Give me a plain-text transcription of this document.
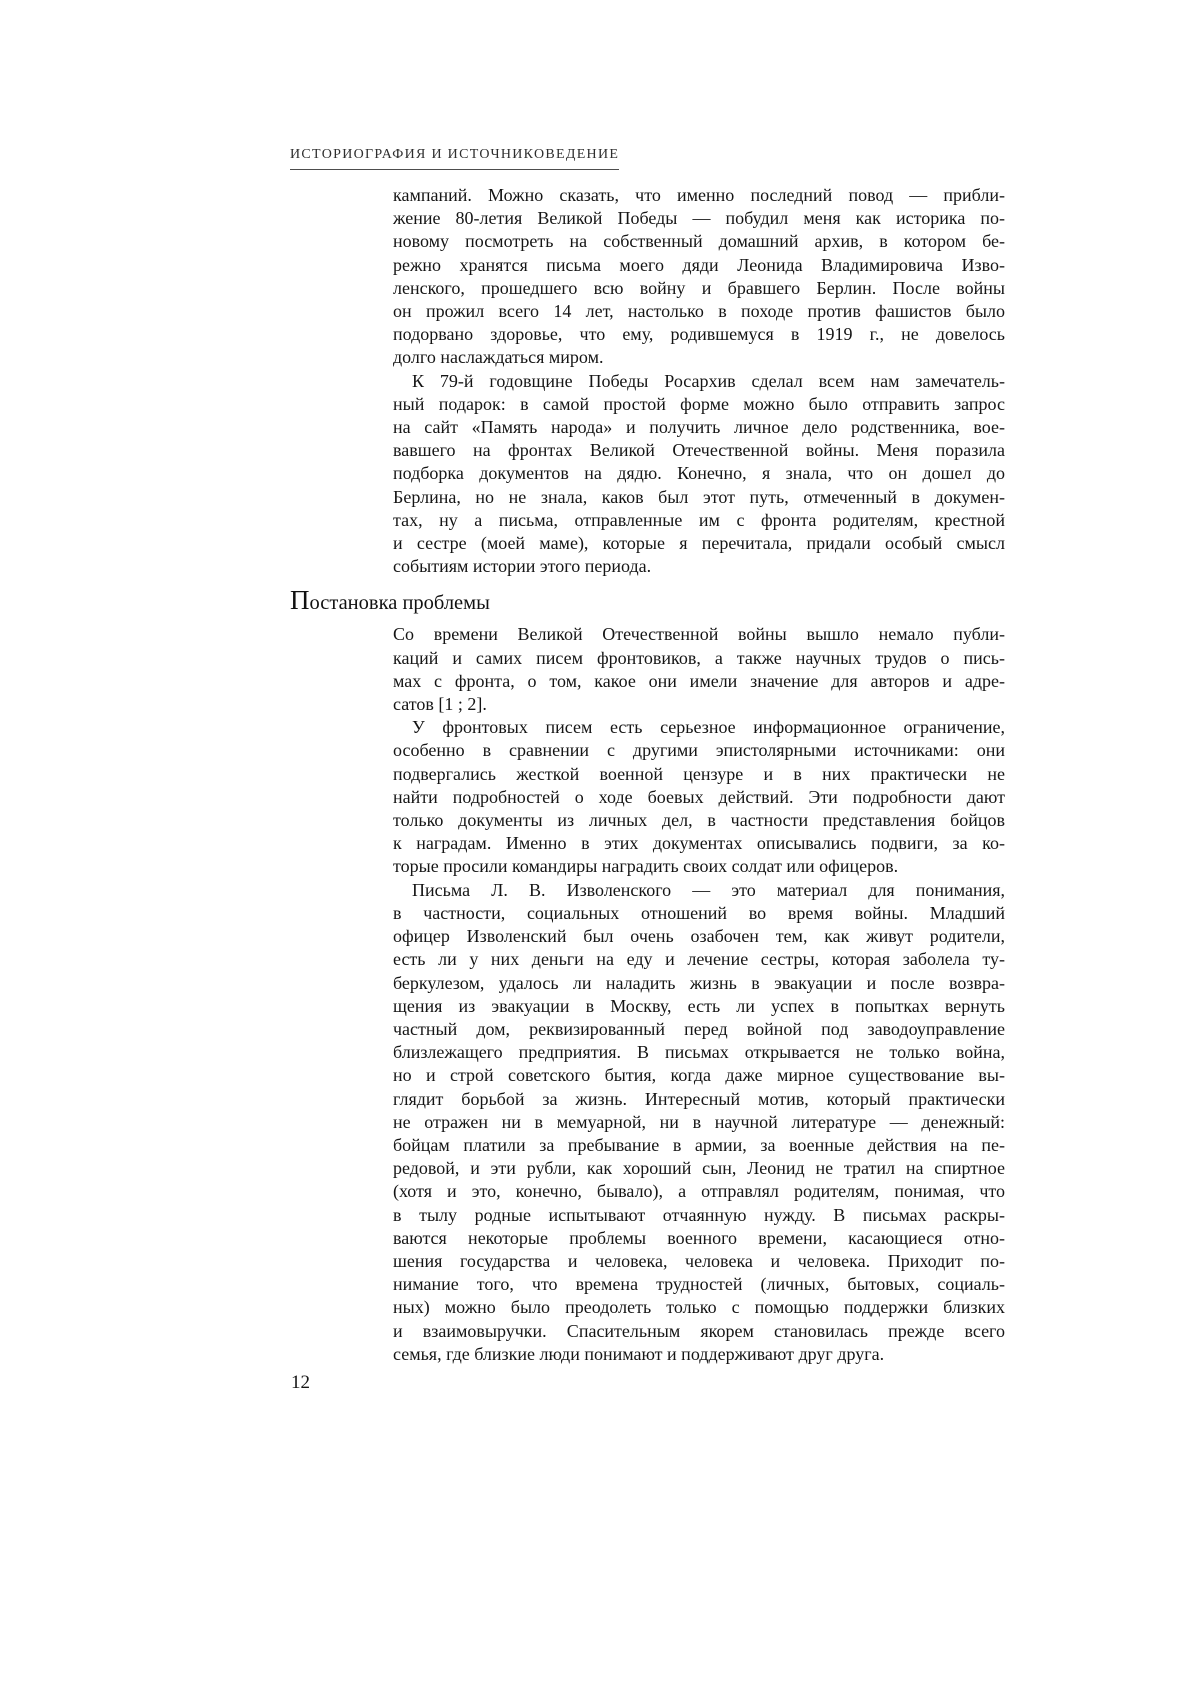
ИСТОРИОГРАФИЯ И ИСТОЧНИКОВЕДЕНИЕ
кампаний. Можно сказать, что именно последний повод — прибли-
жение 80-летия Великой Победы — побудил меня как историка по-
новому посмотреть на собственный домашний архив, в котором бе-
режно хранятся письма моего дяди Леонида Владимировича Изво-
ленского, прошедшего всю войну и бравшего Берлин. После войны
он прожил всего 14 лет, настолько в походе против фашистов было
подорвано здоровье, что ему, родившемуся в 1919 г., не довелось
долго наслаждаться миром.
К 79-й годовщине Победы Росархив сделал всем нам замечатель-
ный подарок: в самой простой форме можно было отправить запрос
на сайт «Память народа» и получить личное дело родственника, вое-
вавшего на фронтах Великой Отечественной войны. Меня поразила
подборка документов на дядю. Конечно, я знала, что он дошел до
Берлина, но не знала, каков был этот путь, отмеченный в докумен-
тах, ну а письма, отправленные им с фронта родителям, крестной
и сестре (моей маме), которые я перечитала, придали особый смысл
событиям истории этого периода.
Постановка проблемы
Со времени Великой Отечественной войны вышло немало публи-
каций и самих писем фронтовиков, а также научных трудов о пись-
мах с фронта, о том, какое они имели значение для авторов и адре-
сатов [1 ; 2].
У фронтовых писем есть серьезное информационное ограничение,
особенно в сравнении с другими эпистолярными источниками: они
подвергались жесткой военной цензуре и в них практически не
найти подробностей о ходе боевых действий. Эти подробности дают
только документы из личных дел, в частности представления бойцов
к наградам. Именно в этих документах описывались подвиги, за ко-
торые просили командиры наградить своих солдат или офицеров.
Письма Л. В. Изволенского — это материал для понимания,
в частности, социальных отношений во время войны. Младший
офицер Изволенский был очень озабочен тем, как живут родители,
есть ли у них деньги на еду и лечение сестры, которая заболела ту-
беркулезом, удалось ли наладить жизнь в эвакуации и после возвра-
щения из эвакуации в Москву, есть ли успех в попытках вернуть
частный дом, реквизированный перед войной под заводоуправление
близлежащего предприятия. В письмах открывается не только война,
но и строй советского бытия, когда даже мирное существование вы-
глядит борьбой за жизнь. Интересный мотив, который практически
не отражен ни в мемуарной, ни в научной литературе — денежный:
бойцам платили за пребывание в армии, за военные действия на пе-
редовой, и эти рубли, как хороший сын, Леонид не тратил на спиртное
(хотя и это, конечно, бывало), а отправлял родителям, понимая, что
в тылу родные испытывают отчаянную нужду. В письмах раскры-
ваются некоторые проблемы военного времени, касающиеся отно-
шения государства и человека, человека и человека. Приходит по-
нимание того, что времена трудностей (личных, бытовых, социаль-
ных) можно было преодолеть только с помощью поддержки близких
и взаимовыручки. Спасительным якорем становилась прежде всего
семья, где близкие люди понимают и поддерживают друг друга.
12
